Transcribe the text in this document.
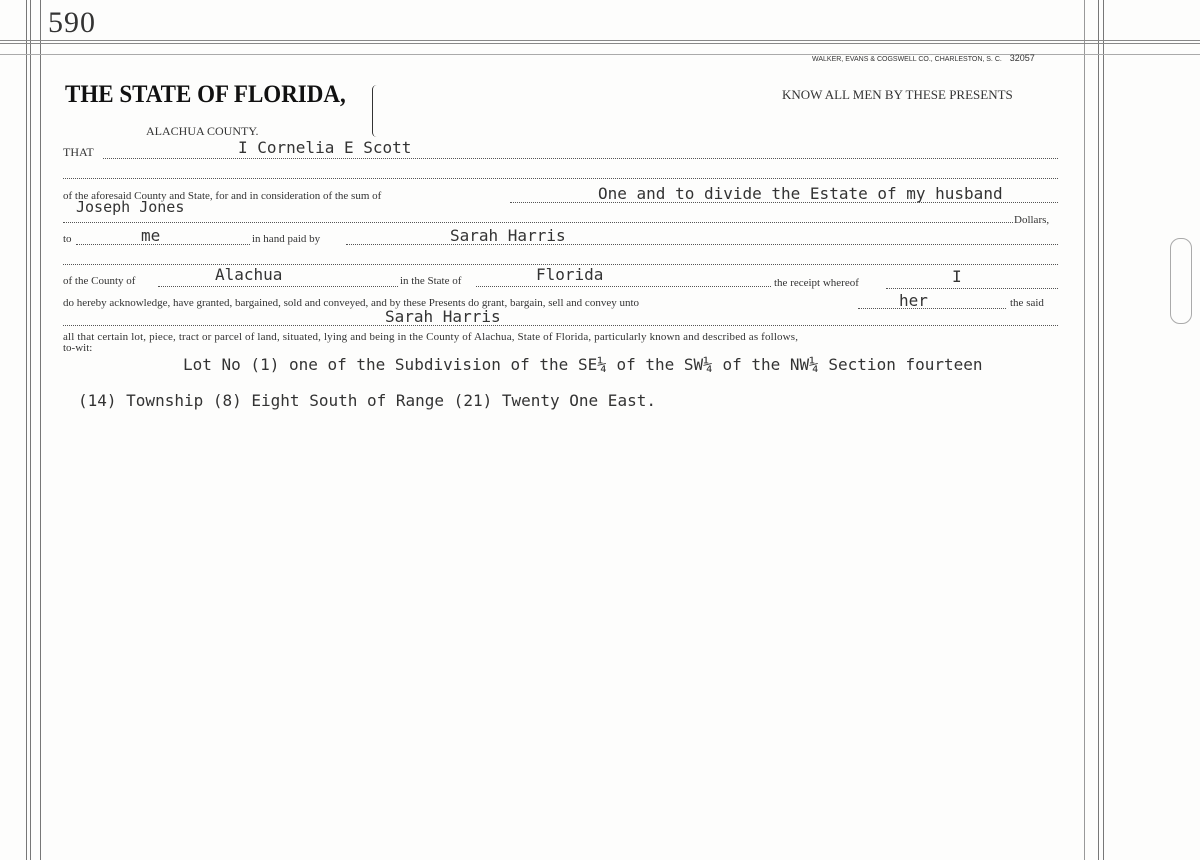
590
WALKER, EVANS & COGSWELL CO., CHARLESTON, S. C. 32057
THE STATE OF FLORIDA,	KNOW ALL MEN BY THESE PRESENTS
ALACHUA COUNTY.
THAT	I Cornelia E Scott
of the aforesaid County and State, for and in consideration of the sum of	One and to divide the Estate of my husband
Joseph Jones
Dollars,
to	me	in hand paid by	Sarah Harris
of the County of	Alachua	in the State of	Florida	the receipt whereof	I
do hereby acknowledge, have granted, bargained, sold and conveyed, and by these Presents do grant, bargain, sell and convey unto	her	the said
Sarah Harris
all that certain lot, piece, tract or parcel of land, situated, lying and being in the County of Alachua, State of Florida, particularly known and described as follows,
to-wit:
Lot No (1) one of the Subdivision of the SE¼ of the SW¼ of the NW¼ Section fourteen
(14) Township (8) Eight South of Range (21) Twenty One East.
